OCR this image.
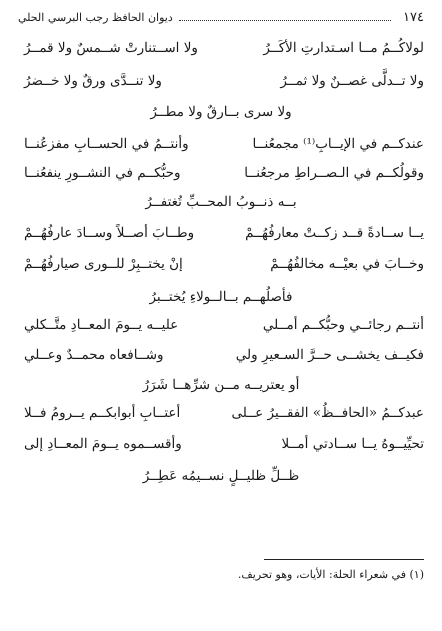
١٧٤
ديوان الحافظ رجب البرسي الحلي
لولاكُــمُ مــا اسـتدارتِ الأكَــرُ
ولا اســتنارتْ شــمسٌ ولا قمــرُ
ولا تــدلَّى غصــنٌ ولا ثمــرُ
ولا تنــدَّى ورقٌ ولا خــضرُ
ولا سرى بــارقٌ ولا مطــرُ
عندكــم في الإيــابِ⁽¹⁾ مجمعُنــا
وأنتــمُ في الحســابِ مفزعُنــا
وقولُكــم في الـصــراطِ مرجعُنــا
وحبُّكــم في النشــورِ ينفعُنــا
بــه ذنــوبُ المحــبِّ تُغتفــرُ
يــا ســادةً قــد زكــتْ معارفُهُــمْ
وطــابَ أصــلاً وســادَ عارفُهُــمْ
وخــابَ في بعيْــه مخالفُهُــمْ
إنْ يختــبِرْ للــورى صيارفُهُــمْ
فأصلُهــم بــالــولاءِ يُختــبرُ
أنتــم رجائــي وحبُّكــم أمــلي
عليــه يــومَ المعــادِ متَّــكلي
فكيــف يخشــى حــرَّ السـعيرِ ولي
وشــافعاه محمــدٌ وعــلي
أو يعتريــه مــن شرِّهــا شَرَرُ
عبدكــمُ «الحافــظُ» الفقــيرُ عــلى
أعتــابِ أبوابكــم يــرومُ فــلا
تحيِّيــوهُ يــا ســادتي أمــلا
وأقســموه يــومَ المعــادِ إلى
ظــلِّ ظليــلٍ نســيمُه عَطِــرُ
(١) في شعراء الحلة: الأيات، وهو تحريف.
